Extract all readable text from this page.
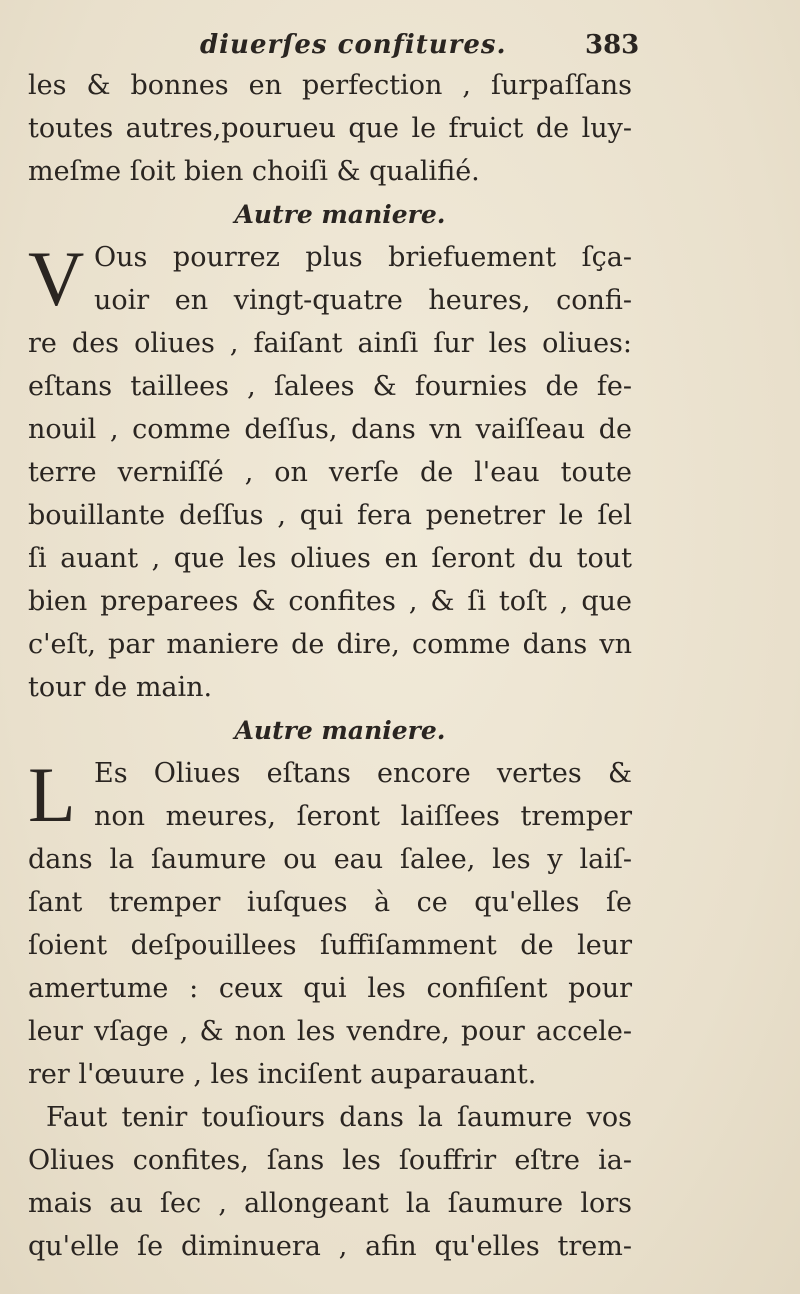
diuerſes confitures.	383
les & bonnes en perfection , ſurpaſſans
toutes autres,pourueu que le fruict de luy-
meſme ſoit bien choiſi & qualifié.
Autre maniere.
V Ous pourrez plus briefuement ſça-
uoir en vingt-quatre heures, confi-
re des oliues , faiſant ainſi ſur les oliues:
eſtans taillees , ſalees & fournies de fe-
nouil , comme deſſus, dans vn vaiſſeau de
terre verniſſé , on verſe de l'eau toute
bouillante deſſus , qui fera penetrer le ſel
ſi auant , que les oliues en ſeront du tout
bien preparees & confites , & ſi toſt , que
c'eſt, par maniere de dire, comme dans vn
tour de main.
Autre maniere.
L Es Oliues eſtans encore vertes &
non meures, ſeront laiſſees tremper
dans la ſaumure ou eau ſalee, les y laiſ-
ſant tremper iuſques à ce qu'elles ſe
ſoient deſpouillees ſuffiſamment de leur
amertume : ceux qui les confiſent pour
leur vſage , & non les vendre, pour accele-
rer l'œuure , les inciſent auparauant.
Faut tenir touſiours dans la ſaumure vos
Oliues confites, ſans les ſouffrir eſtre ia-
mais au ſec , allongeant la ſaumure lors
qu'elle ſe diminuera , afin qu'elles trem-
